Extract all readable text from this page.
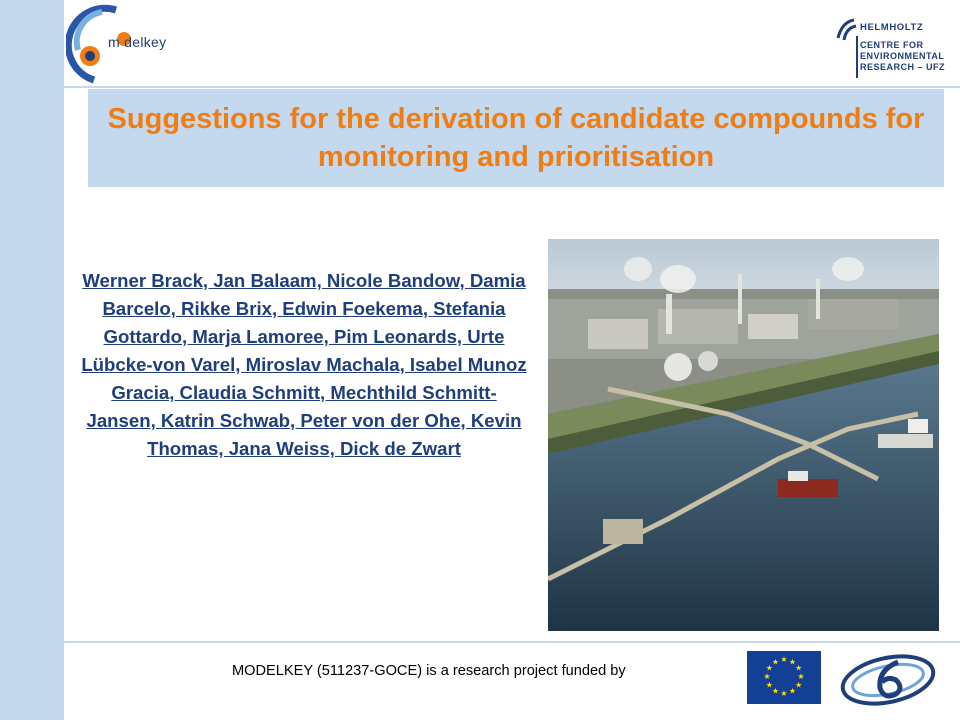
m delkey
HELMHOLTZ
CENTRE FOR
ENVIRONMENTAL
RESEARCH – UFZ
Suggestions for the derivation of candidate compounds for monitoring and prioritisation
Werner Brack, Jan Balaam, Nicole Bandow, Damia Barcelo, Rikke Brix, Edwin Foekema, Stefania Gottardo, Marja Lamoree, Pim Leonards, Urte Lübcke-von Varel, Miroslav Machala, Isabel Munoz Gracia, Claudia Schmitt, Mechthild Schmitt-Jansen, Katrin Schwab, Peter von der Ohe, Kevin Thomas, Jana Weiss, Dick de Zwart
MODELKEY (511237-GOCE) is a research project funded by
★ ★
★
★
★
★
★
★
★
★
★
★
